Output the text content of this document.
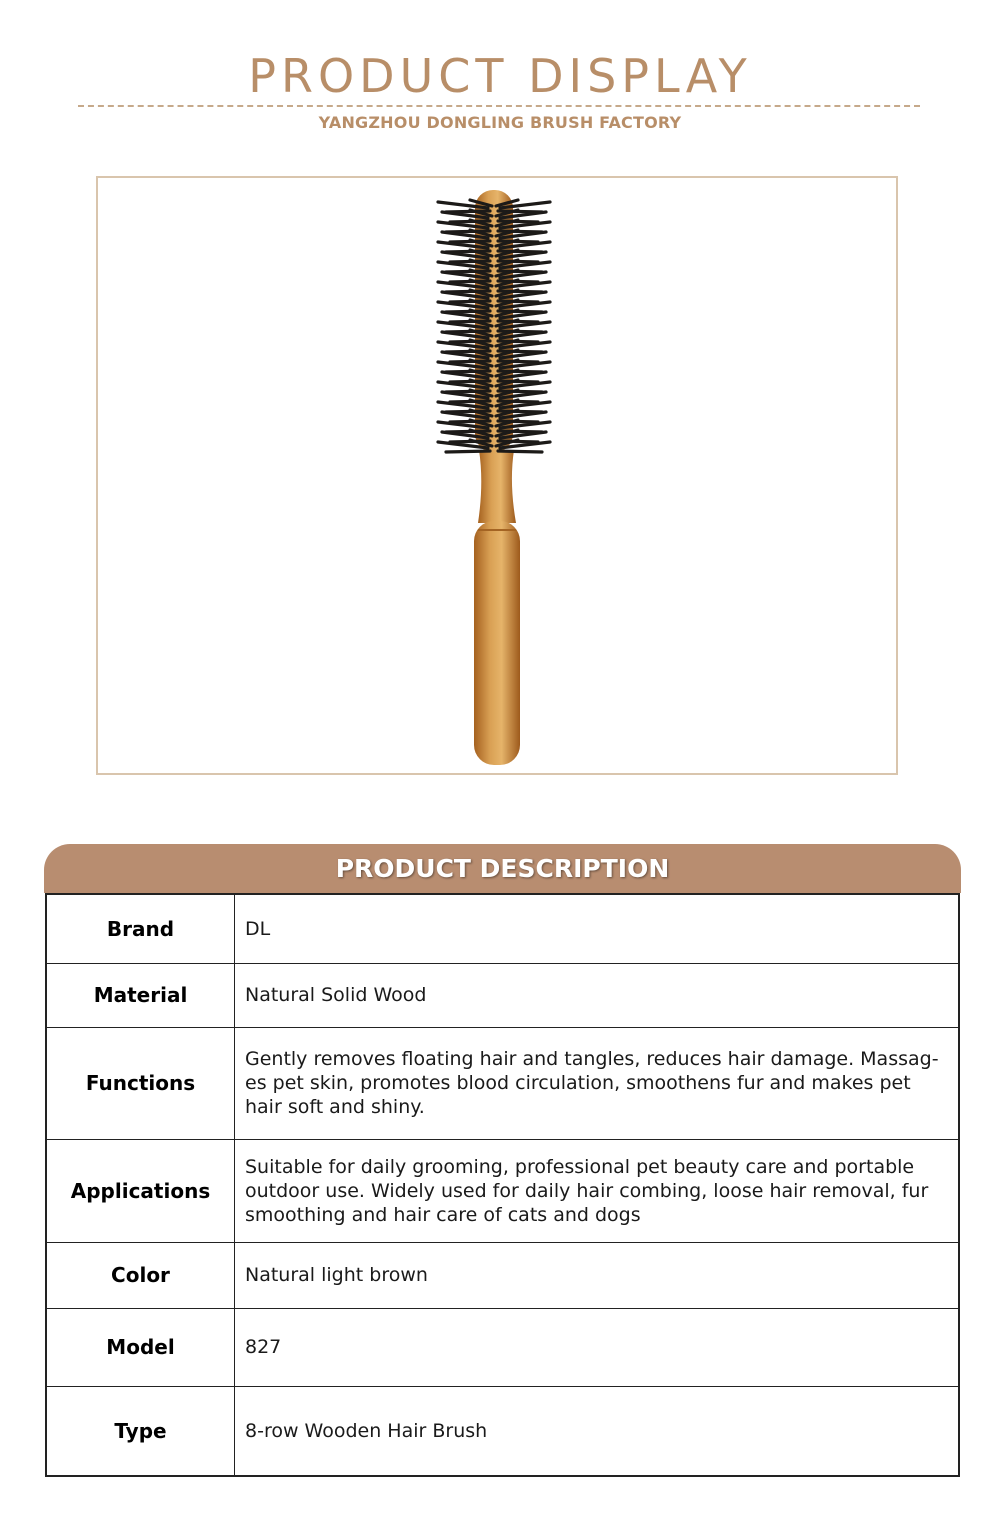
PRODUCT DISPLAY
YANGZHOU DONGLING BRUSH FACTORY
PRODUCT DESCRIPTION
Brand	DL
Material	Natural Solid Wood
Functions	Gently removes floating hair and tangles, reduces hair damage. Massag-es pet skin, promotes blood circulation, smoothens fur and makes pet hair soft and shiny.
Applications	Suitable for daily grooming, professional pet beauty care and portable outdoor use. Widely used for daily hair combing, loose hair removal, fur smoothing and hair care of cats and dogs
Color	Natural light brown
Model	827
Type	8-row Wooden Hair Brush
